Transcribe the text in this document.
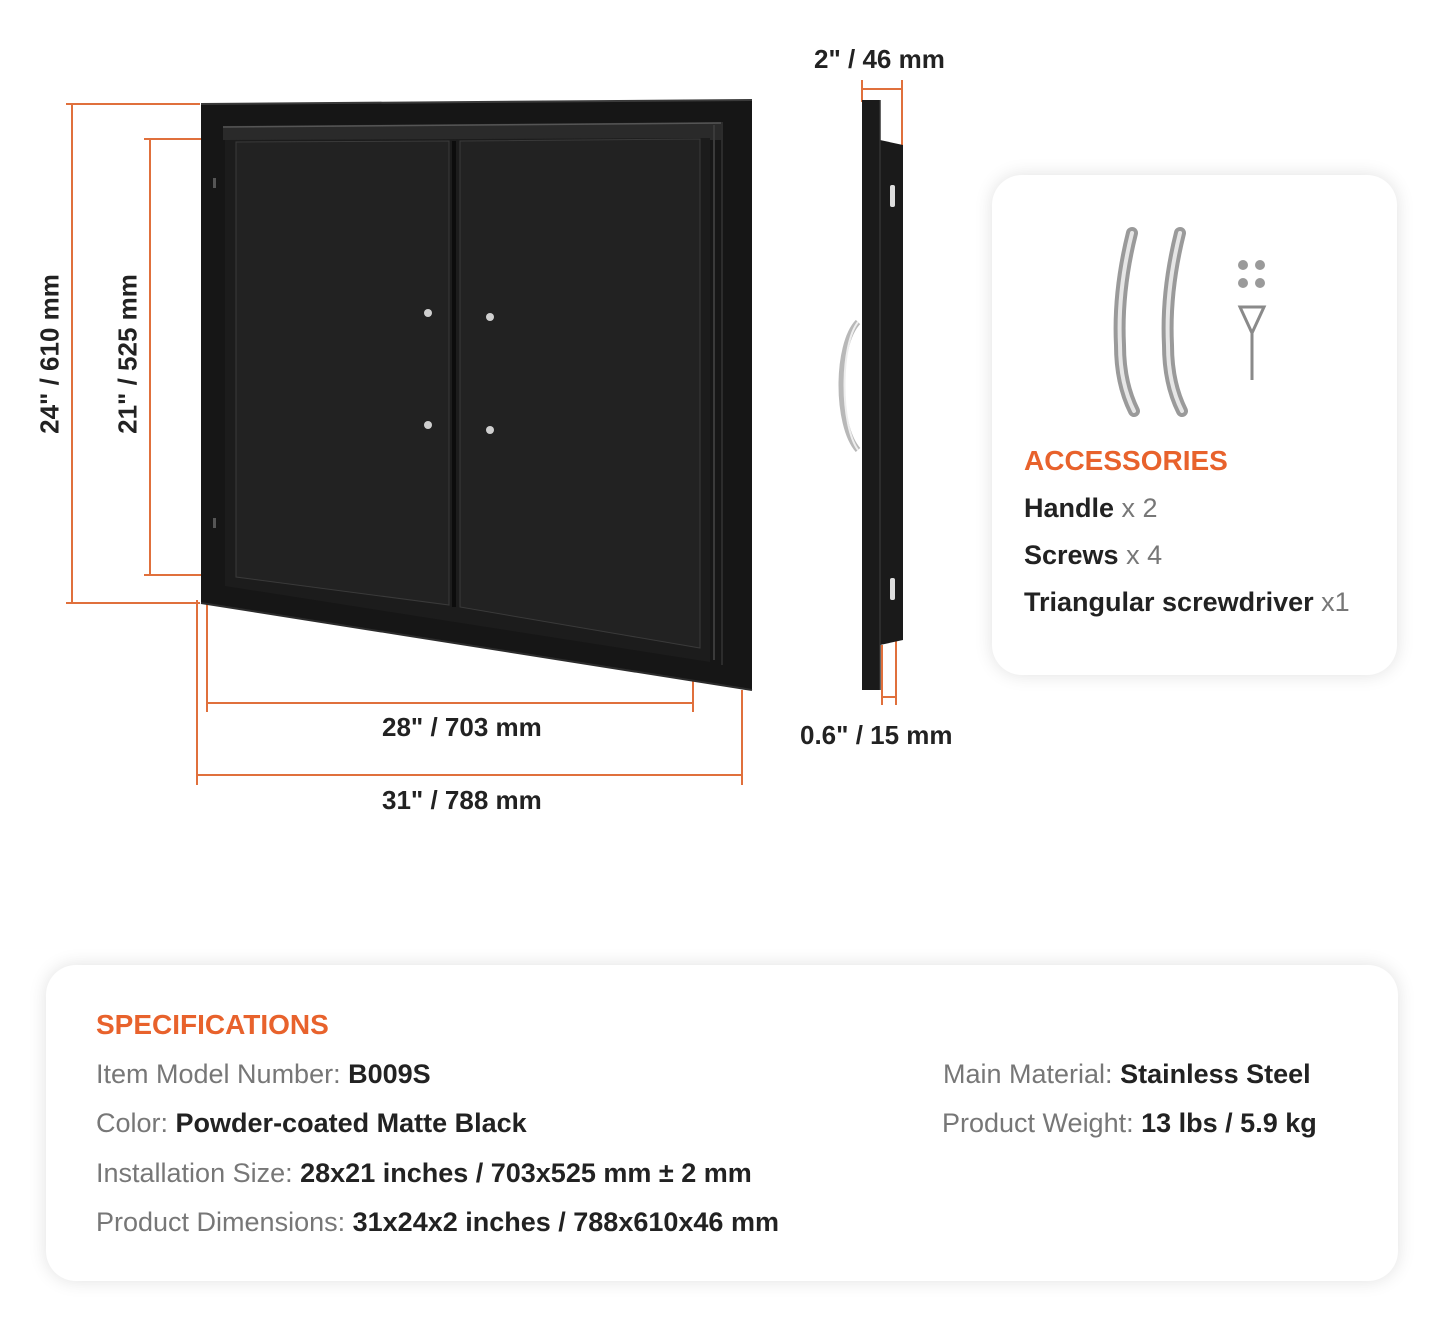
24" / 610 mm 21" / 525 mm
28" / 703 mm
31" / 788 mm
2" / 46 mm
0.6" / 15 mm
ACCESSORIES
Handle x 2
Screws x 4
Triangular screwdriver x1
SPECIFICATIONS
Item Model Number: B009S
Color: Powder-coated Matte Black
Installation Size: 28x21 inches / 703x525 mm ± 2 mm
Product Dimensions: 31x24x2 inches / 788x610x46 mm
Main Material: Stainless Steel
Product Weight: 13 lbs / 5.9 kg
